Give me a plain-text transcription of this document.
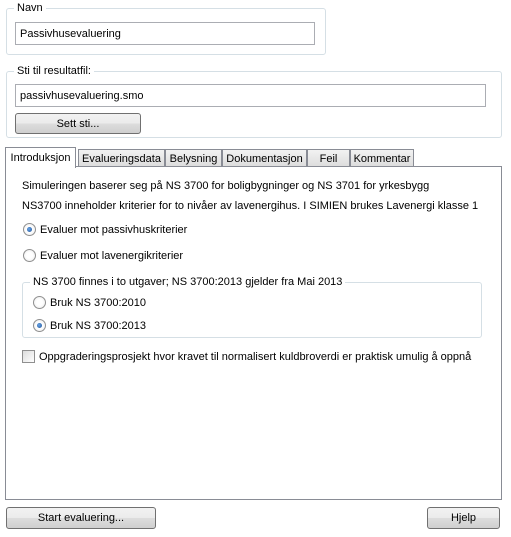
Navn
Passivhusevaluering
Sti til resultatfil:
passivhusevaluering.smo
Sett sti...
Introduksjon	Evalueringsdata Belysning Dokumentasjon	Feil	Kommentar
Simuleringen baserer seg på NS 3700 for boligbygninger og NS 3701 for yrkesbygg
NS3700 inneholder kriterier for to nivåer av lavenergihus. I SIMIEN brukes Lavenergi klasse 1
Evaluer mot passivhuskriterier
Evaluer mot lavenergikriterier
NS 3700 finnes i to utgaver; NS 3700:2013 gjelder fra Mai 2013
Bruk NS 3700:2010
Bruk NS 3700:2013
Oppgraderingsprosjekt hvor kravet til normalisert kuldbroverdi er praktisk umulig å oppnå
Start evaluering...	Hjelp
